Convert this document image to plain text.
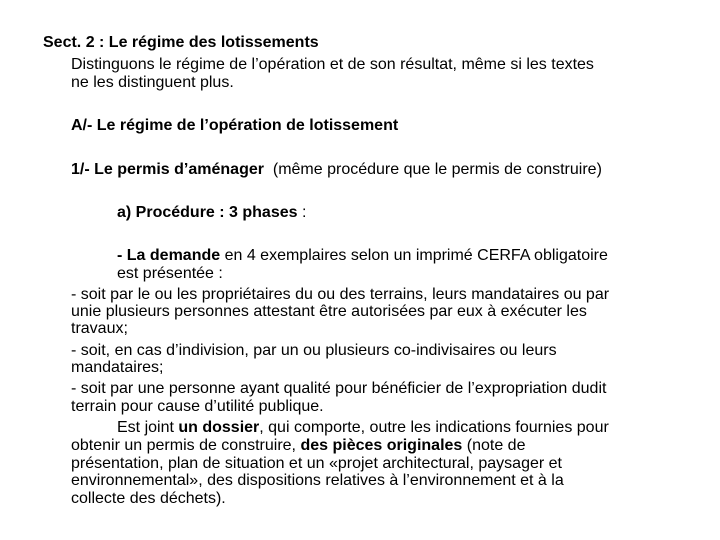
Sect. 2 : Le régime des lotissements
Distinguons le régime de l’opération et de son résultat, même si les textes
ne les distinguent plus.
A/- Le régime de l’opération de lotissement
1/- Le permis d’aménager (même procédure que le permis de construire)
a) Procédure : 3 phases :
- La demande en 4 exemplaires selon un imprimé CERFA obligatoire
est présentée :
- soit par le ou les propriétaires du ou des terrains, leurs mandataires ou par
unie plusieurs personnes attestant être autorisées par eux à exécuter les
travaux;
- soit, en cas d’indivision, par un ou plusieurs co-indivisaires ou leurs
mandataires;
- soit par une personne ayant qualité pour bénéficier de l’expropriation dudit
terrain pour cause d’utilité publique.
Est joint un dossier, qui comporte, outre les indications fournies pour
obtenir un permis de construire, des pièces originales (note de
présentation, plan de situation et un «projet architectural, paysager et
environnemental», des dispositions relatives à l’environnement et à la
collecte des déchets).
